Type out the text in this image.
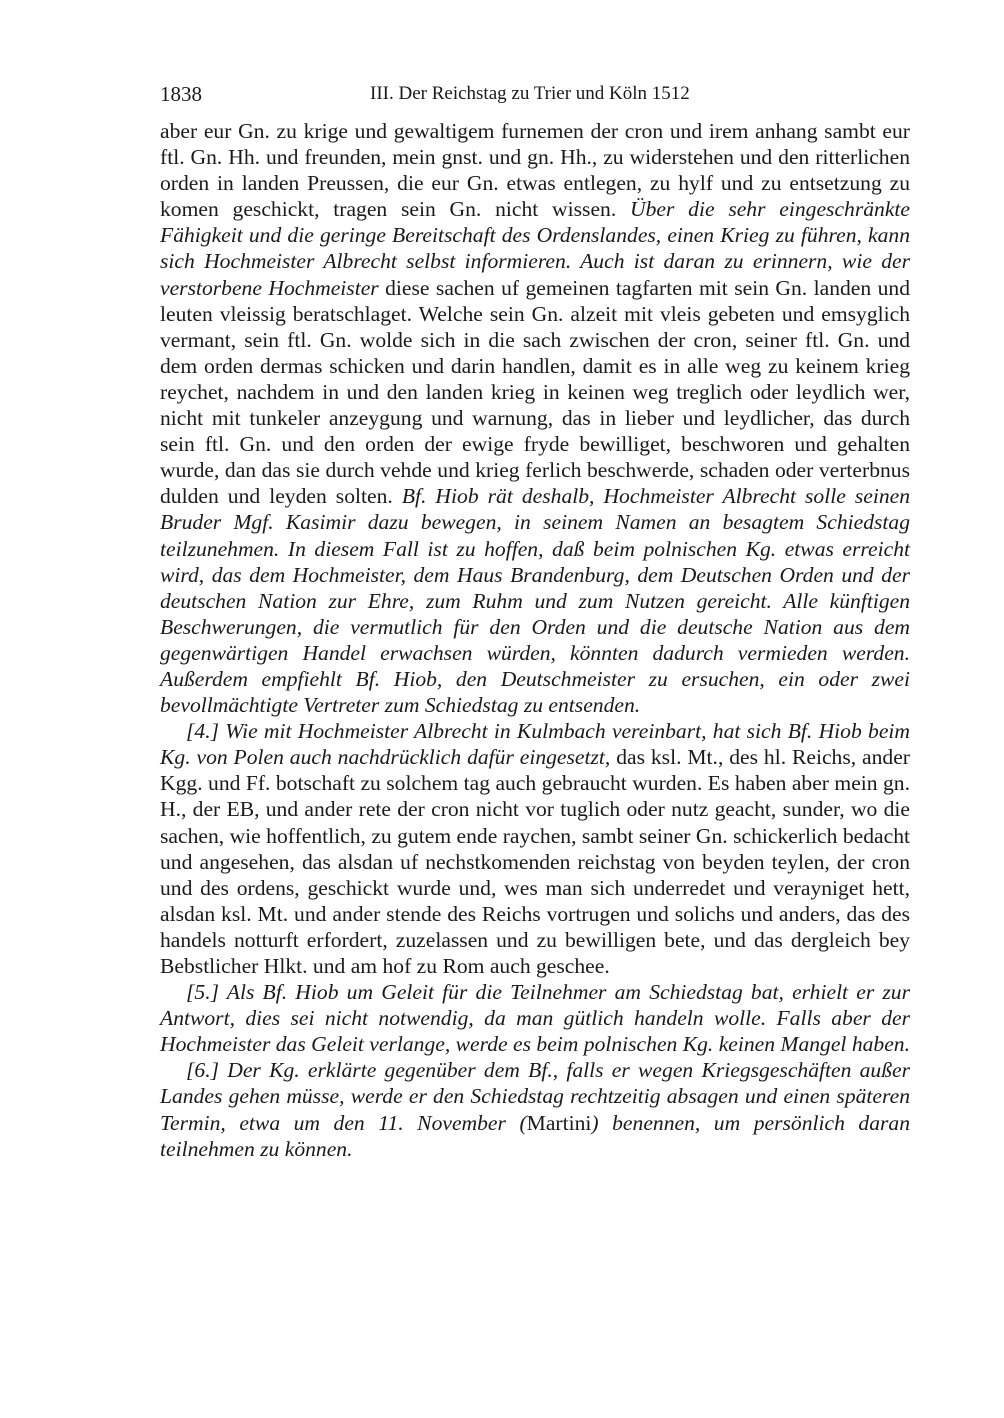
1838	III. Der Reichstag zu Trier und Köln 1512

aber eur Gn. zu krige und gewaltigem furnemen der cron und irem anhang sambt eur ftl. Gn. Hh. und freunden, mein gnst. und gn. Hh., zu widerstehen und den ritterlichen orden in landen Preussen, die eur Gn. etwas entlegen, zu hylf und zu entsetzung zu komen geschickt, tragen sein Gn. nicht wissen. Über die sehr eingeschränkte Fähigkeit und die geringe Bereitschaft des Ordenslandes, einen Krieg zu führen, kann sich Hochmeister Albrecht selbst informieren. Auch ist daran zu erinnern, wie der verstorbene Hochmeister diese sachen uf gemeinen tagfarten mit sein Gn. landen und leuten vleissig beratschlaget. Welche sein Gn. alzeit mit vleis gebeten und emsyglich vermant, sein ftl. Gn. wolde sich in die sach zwischen der cron, seiner ftl. Gn. und dem orden dermas schicken und darin handlen, damit es in alle weg zu keinem krieg reychet, nachdem in und den landen krieg in keinen weg treglich oder leydlich wer, nicht mit tunkeler anzeygung und warnung, das in lieber und leydlicher, das durch sein ftl. Gn. und den orden der ewige fryde bewilliget, beschworen und gehalten wurde, dan das sie durch vehde und krieg ferlich beschwerde, schaden oder verterbnus dulden und leyden solten. Bf. Hiob rät deshalb, Hochmeister Albrecht solle seinen Bruder Mgf. Kasimir dazu bewegen, in seinem Namen an besagtem Schiedstag teilzunehmen. In diesem Fall ist zu hoffen, daß beim polnischen Kg. etwas erreicht wird, das dem Hochmeister, dem Haus Brandenburg, dem Deutschen Orden und der deutschen Nation zur Ehre, zum Ruhm und zum Nutzen gereicht. Alle künftigen Beschwerungen, die vermutlich für den Orden und die deutsche Nation aus dem gegenwärtigen Handel erwachsen würden, könnten dadurch vermieden werden. Außerdem empfiehlt Bf. Hiob, den Deutschmeister zu ersuchen, ein oder zwei bevollmächtigte Vertreter zum Schiedstag zu entsenden.

[4.] Wie mit Hochmeister Albrecht in Kulmbach vereinbart, hat sich Bf. Hiob beim Kg. von Polen auch nachdrücklich dafür eingesetzt, das ksl. Mt., des hl. Reichs, ander Kgg. und Ff. botschaft zu solchem tag auch gebraucht wurden. Es haben aber mein gn. H., der EB, und ander rete der cron nicht vor tuglich oder nutz geacht, sunder, wo die sachen, wie hoffentlich, zu gutem ende raychen, sambt seiner Gn. schickerlich bedacht und angesehen, das alsdan uf nechstkomenden reichstag von beyden teylen, der cron und des ordens, geschickt wurde und, wes man sich underredet und verayniget hett, alsdan ksl. Mt. und ander stende des Reichs vortrugen und solichs und anders, das des handels notturft erfordert, zuzelassen und zu bewilligen bete, und das dergleich bey Bebstlicher Hlkt. und am hof zu Rom auch geschee.

[5.] Als Bf. Hiob um Geleit für die Teilnehmer am Schiedstag bat, erhielt er zur Antwort, dies sei nicht notwendig, da man gütlich handeln wolle. Falls aber der Hochmeister das Geleit verlange, werde es beim polnischen Kg. keinen Mangel haben.

[6.] Der Kg. erklärte gegenüber dem Bf., falls er wegen Kriegsgeschäften außer Landes gehen müsse, werde er den Schiedstag rechtzeitig absagen und einen späteren Termin, etwa um den 11. November (Martini) benennen, um persönlich daran teilnehmen zu können.
